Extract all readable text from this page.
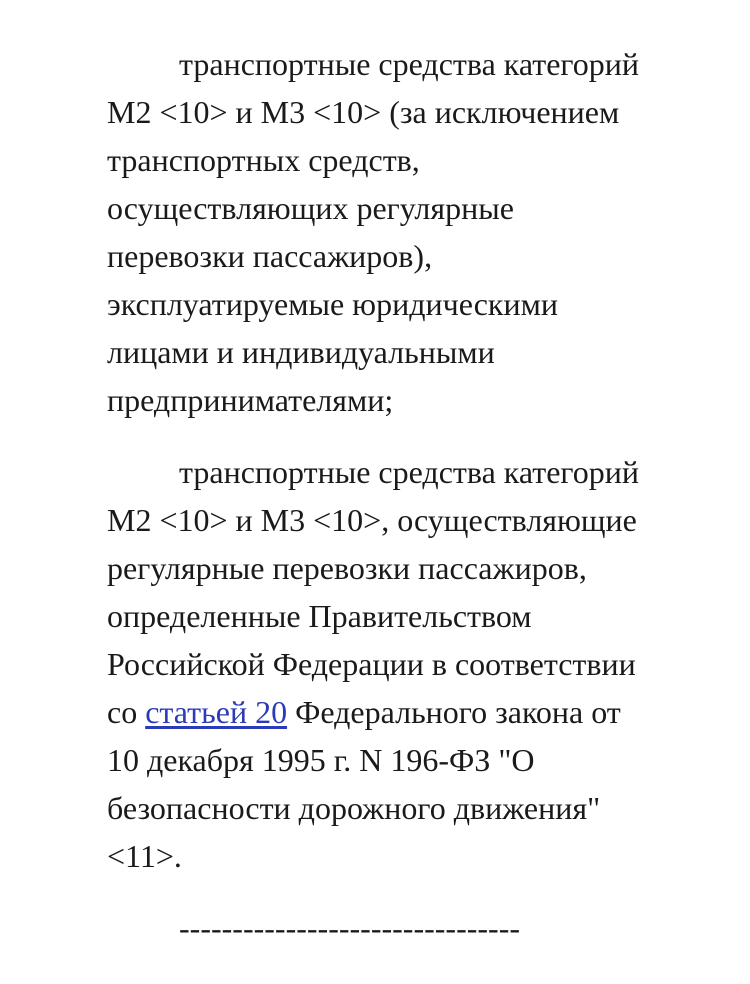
транспортные средства категорий
М2 <10> и М3 <10> (за исключением
транспортных средств,
осуществляющих регулярные
перевозки пассажиров),
эксплуатируемые юридическими
лицами и индивидуальными
предпринимателями;

транспортные средства категорий
М2 <10> и М3 <10>, осуществляющие
регулярные перевозки пассажиров,
определенные Правительством
Российской Федерации в соответствии
со статьей 20 Федерального закона от
10 декабря 1995 г. N 196-ФЗ "О
безопасности дорожного движения"
<11>.

--------------------------------
